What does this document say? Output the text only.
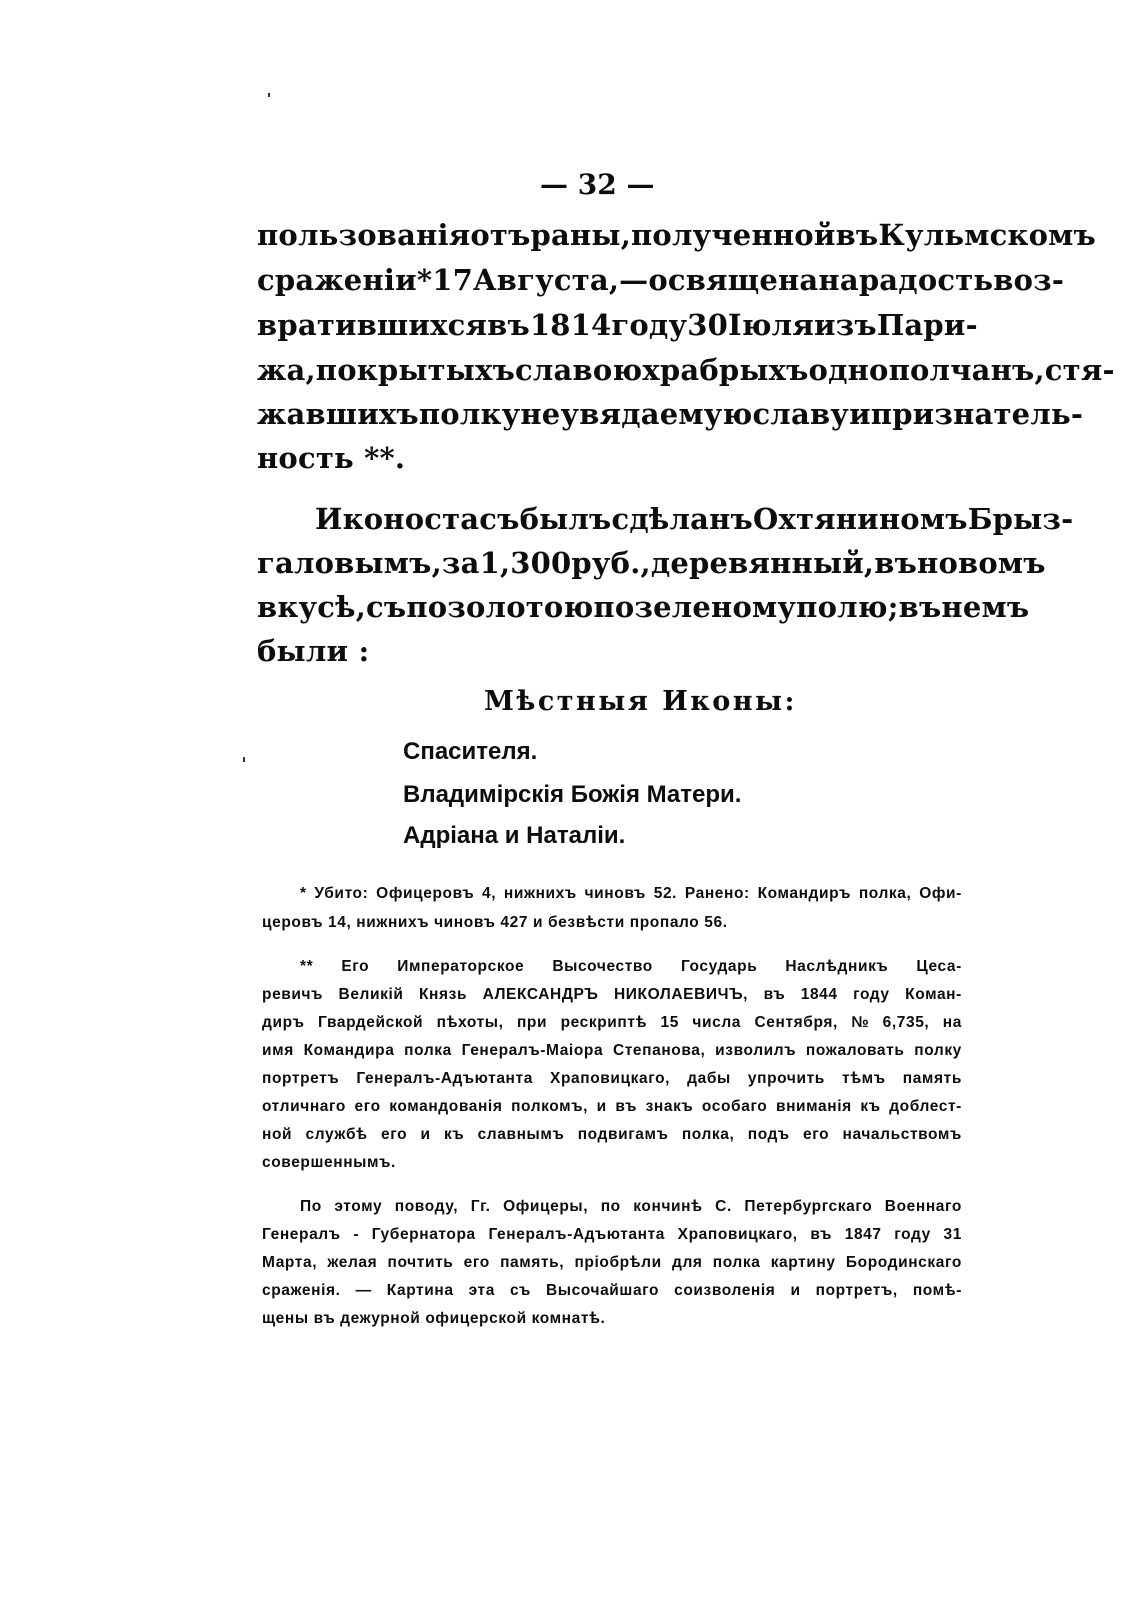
— 32 —
пользованія отъ раны, полученной въ Кульмскомъ
сраженіи * 17 Августа, — освящена на радость воз-
вратившихся въ 1814 году 30 Іюля изъ Пари-
жа, покрытыхъ славою храбрыхъ однополчанъ, стя-
жавшихъ полку неувядаемую славу и признатель-
ность **.
Иконостасъ былъ сдѣланъ Охтяниномъ Брыз-
галовымъ, за 1,300 руб., деревянный, въ новомъ
вкусѣ, съ позолотою по зеленому полю; въ немъ
были :
Мѣстныя Иконы:
Спасителя.
Владимірскія Божія Матери.
Адріана и Наталіи.
* Убито: Офицеровъ 4, нижнихъ чиновъ 52. Ранено: Командиръ полка, Офи-
церовъ 14, нижнихъ чиновъ 427 и безвѣсти пропало 56.
** Его Императорское Высочество Государь Наслѣдникъ Цеса-
ревичъ Великій Князь АЛЕКСАНДРЪ НИКОЛАЕВИЧЪ, въ 1844 году Коман-
диръ Гвардейской пѣхоты, при рескриптѣ 15 числа Сентября, № 6,735, на
имя Командира полка Генералъ-Маіора Степанова, изволилъ пожаловать полку
портретъ Генералъ-Адъютанта Храповицкаго, дабы упрочить тѣмъ память
отличнаго его командованія полкомъ, и въ знакъ особаго вниманія къ доблест-
ной службѣ его и къ славнымъ подвигамъ полка, подъ его начальствомъ
совершеннымъ.
По этому поводу, Гг. Офицеры, по кончинѣ С. Петербургскаго Военнаго
Генералъ - Губернатора Генералъ-Адъютанта Храповицкаго, въ 1847 году 31
Марта, желая почтить его память, пріобрѣли для полка картину Бородинскаго
сраженія. — Картина эта съ Высочайшаго соизволенія и портретъ, помѣ-
щены въ дежурной офицерской комнатѣ.
